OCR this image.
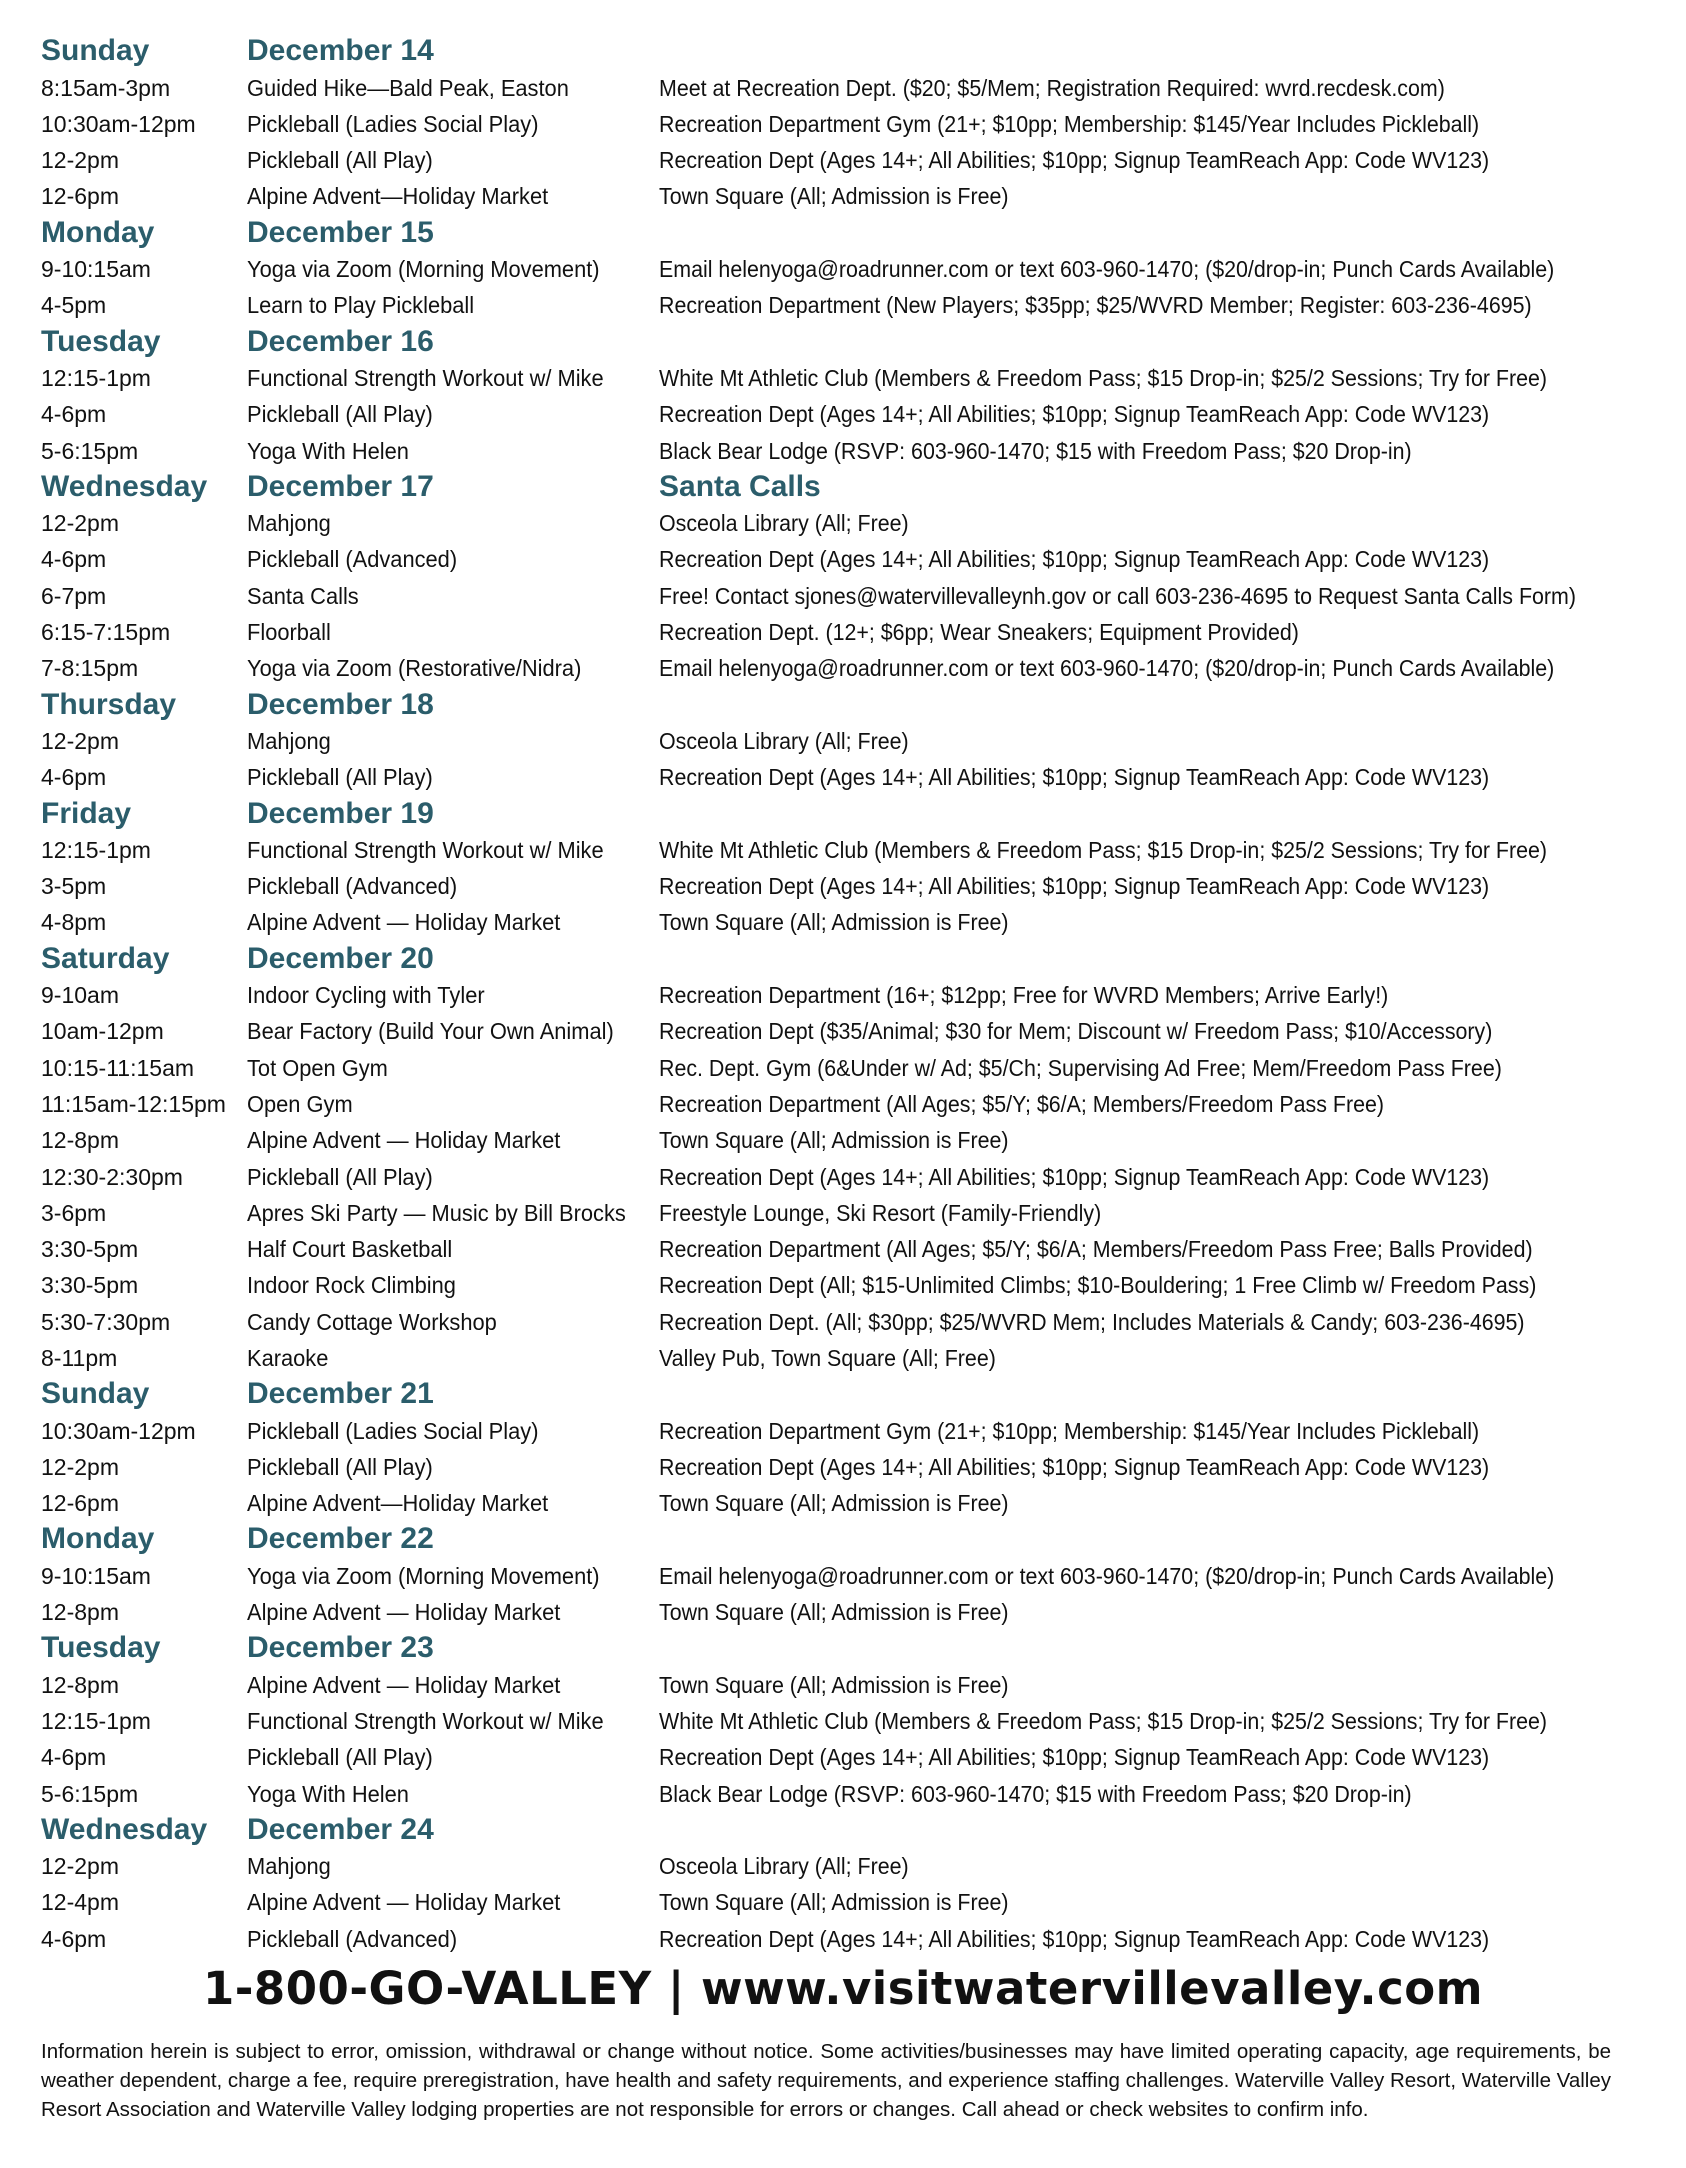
Sunday	December 14
8:15am-3pm	Guided Hike—Bald Peak, Easton	Meet at Recreation Dept. ($20; $5/Mem; Registration Required: wvrd.recdesk.com)
10:30am-12pm	Pickleball (Ladies Social Play)	Recreation Department Gym (21+; $10pp; Membership: $145/Year Includes Pickleball)
12-2pm	Pickleball (All Play)	Recreation Dept (Ages 14+; All Abilities; $10pp; Signup TeamReach App: Code WV123)
12-6pm	Alpine Advent—Holiday Market	Town Square (All; Admission is Free)
Monday	December 15
9-10:15am	Yoga via Zoom (Morning Movement)	Email helenyoga@roadrunner.com or text 603-960-1470; ($20/drop-in; Punch Cards Available)
4-5pm	Learn to Play Pickleball	Recreation Department (New Players; $35pp; $25/WVRD Member; Register: 603-236-4695)
Tuesday	December 16
12:15-1pm	Functional Strength Workout w/ Mike	White Mt Athletic Club (Members & Freedom Pass; $15 Drop-in; $25/2 Sessions; Try for Free)
4-6pm	Pickleball (All Play)	Recreation Dept (Ages 14+; All Abilities; $10pp; Signup TeamReach App: Code WV123)
5-6:15pm	Yoga With Helen	Black Bear Lodge (RSVP: 603-960-1470; $15 with Freedom Pass; $20 Drop-in)
Wednesday	December 17	Santa Calls
12-2pm	Mahjong	Osceola Library (All; Free)
4-6pm	Pickleball (Advanced)	Recreation Dept (Ages 14+; All Abilities; $10pp; Signup TeamReach App: Code WV123)
6-7pm	Santa Calls	Free! Contact sjones@watervillevalleynh.gov or call 603-236-4695 to Request Santa Calls Form)
6:15-7:15pm	Floorball	Recreation Dept. (12+; $6pp; Wear Sneakers; Equipment Provided)
7-8:15pm	Yoga via Zoom (Restorative/Nidra)	Email helenyoga@roadrunner.com or text 603-960-1470; ($20/drop-in; Punch Cards Available)
Thursday	December 18
12-2pm	Mahjong	Osceola Library (All; Free)
4-6pm	Pickleball (All Play)	Recreation Dept (Ages 14+; All Abilities; $10pp; Signup TeamReach App: Code WV123)
Friday	December 19
12:15-1pm	Functional Strength Workout w/ Mike	White Mt Athletic Club (Members & Freedom Pass; $15 Drop-in; $25/2 Sessions; Try for Free)
3-5pm	Pickleball (Advanced)	Recreation Dept (Ages 14+; All Abilities; $10pp; Signup TeamReach App: Code WV123)
4-8pm	Alpine Advent — Holiday Market	Town Square (All; Admission is Free)
Saturday	December 20
9-10am	Indoor Cycling with Tyler	Recreation Department (16+; $12pp; Free for WVRD Members; Arrive Early!)
10am-12pm	Bear Factory (Build Your Own Animal)	Recreation Dept ($35/Animal; $30 for Mem; Discount w/ Freedom Pass; $10/Accessory)
10:15-11:15am	Tot Open Gym	Rec. Dept. Gym (6&Under w/ Ad; $5/Ch; Supervising Ad Free; Mem/Freedom Pass Free)
11:15am-12:15pm Open Gym	Recreation Department (All Ages; $5/Y; $6/A; Members/Freedom Pass Free)
12-8pm	Alpine Advent — Holiday Market	Town Square (All; Admission is Free)
12:30-2:30pm	Pickleball (All Play)	Recreation Dept (Ages 14+; All Abilities; $10pp; Signup TeamReach App: Code WV123)
3-6pm	Apres Ski Party — Music by Bill Brocks	Freestyle Lounge, Ski Resort (Family-Friendly)
3:30-5pm	Half Court Basketball	Recreation Department (All Ages; $5/Y; $6/A; Members/Freedom Pass Free; Balls Provided)
3:30-5pm	Indoor Rock Climbing	Recreation Dept (All; $15-Unlimited Climbs; $10-Bouldering; 1 Free Climb w/ Freedom Pass)
5:30-7:30pm	Candy Cottage Workshop	Recreation Dept. (All; $30pp; $25/WVRD Mem; Includes Materials & Candy; 603-236-4695)
8-11pm	Karaoke	Valley Pub, Town Square (All; Free)
Sunday	December 21
10:30am-12pm	Pickleball (Ladies Social Play)	Recreation Department Gym (21+; $10pp; Membership: $145/Year Includes Pickleball)
12-2pm	Pickleball (All Play)	Recreation Dept (Ages 14+; All Abilities; $10pp; Signup TeamReach App: Code WV123)
12-6pm	Alpine Advent—Holiday Market	Town Square (All; Admission is Free)
Monday	December 22
9-10:15am	Yoga via Zoom (Morning Movement)	Email helenyoga@roadrunner.com or text 603-960-1470; ($20/drop-in; Punch Cards Available)
12-8pm	Alpine Advent — Holiday Market	Town Square (All; Admission is Free)
Tuesday	December 23
12-8pm	Alpine Advent — Holiday Market	Town Square (All; Admission is Free)
12:15-1pm	Functional Strength Workout w/ Mike	White Mt Athletic Club (Members & Freedom Pass; $15 Drop-in; $25/2 Sessions; Try for Free)
4-6pm	Pickleball (All Play)	Recreation Dept (Ages 14+; All Abilities; $10pp; Signup TeamReach App: Code WV123)
5-6:15pm	Yoga With Helen	Black Bear Lodge (RSVP: 603-960-1470; $15 with Freedom Pass; $20 Drop-in)
Wednesday	December 24
12-2pm	Mahjong	Osceola Library (All; Free)
12-4pm	Alpine Advent — Holiday Market	Town Square (All; Admission is Free)
4-6pm	Pickleball (Advanced)	Recreation Dept (Ages 14+; All Abilities; $10pp; Signup TeamReach App: Code WV123)
1-800-GO-VALLEY | www.visitwatervillevalley.com
Information herein is subject to error, omission, withdrawal or change without notice. Some activities/businesses may have limited operating capacity, age requirements, be weather dependent, charge a fee, require preregistration, have health and safety requirements, and experience staffing challenges. Waterville Valley Resort, Waterville Valley Resort Association and Waterville Valley lodging properties are not responsible for errors or changes. Call ahead or check websites to confirm info.
